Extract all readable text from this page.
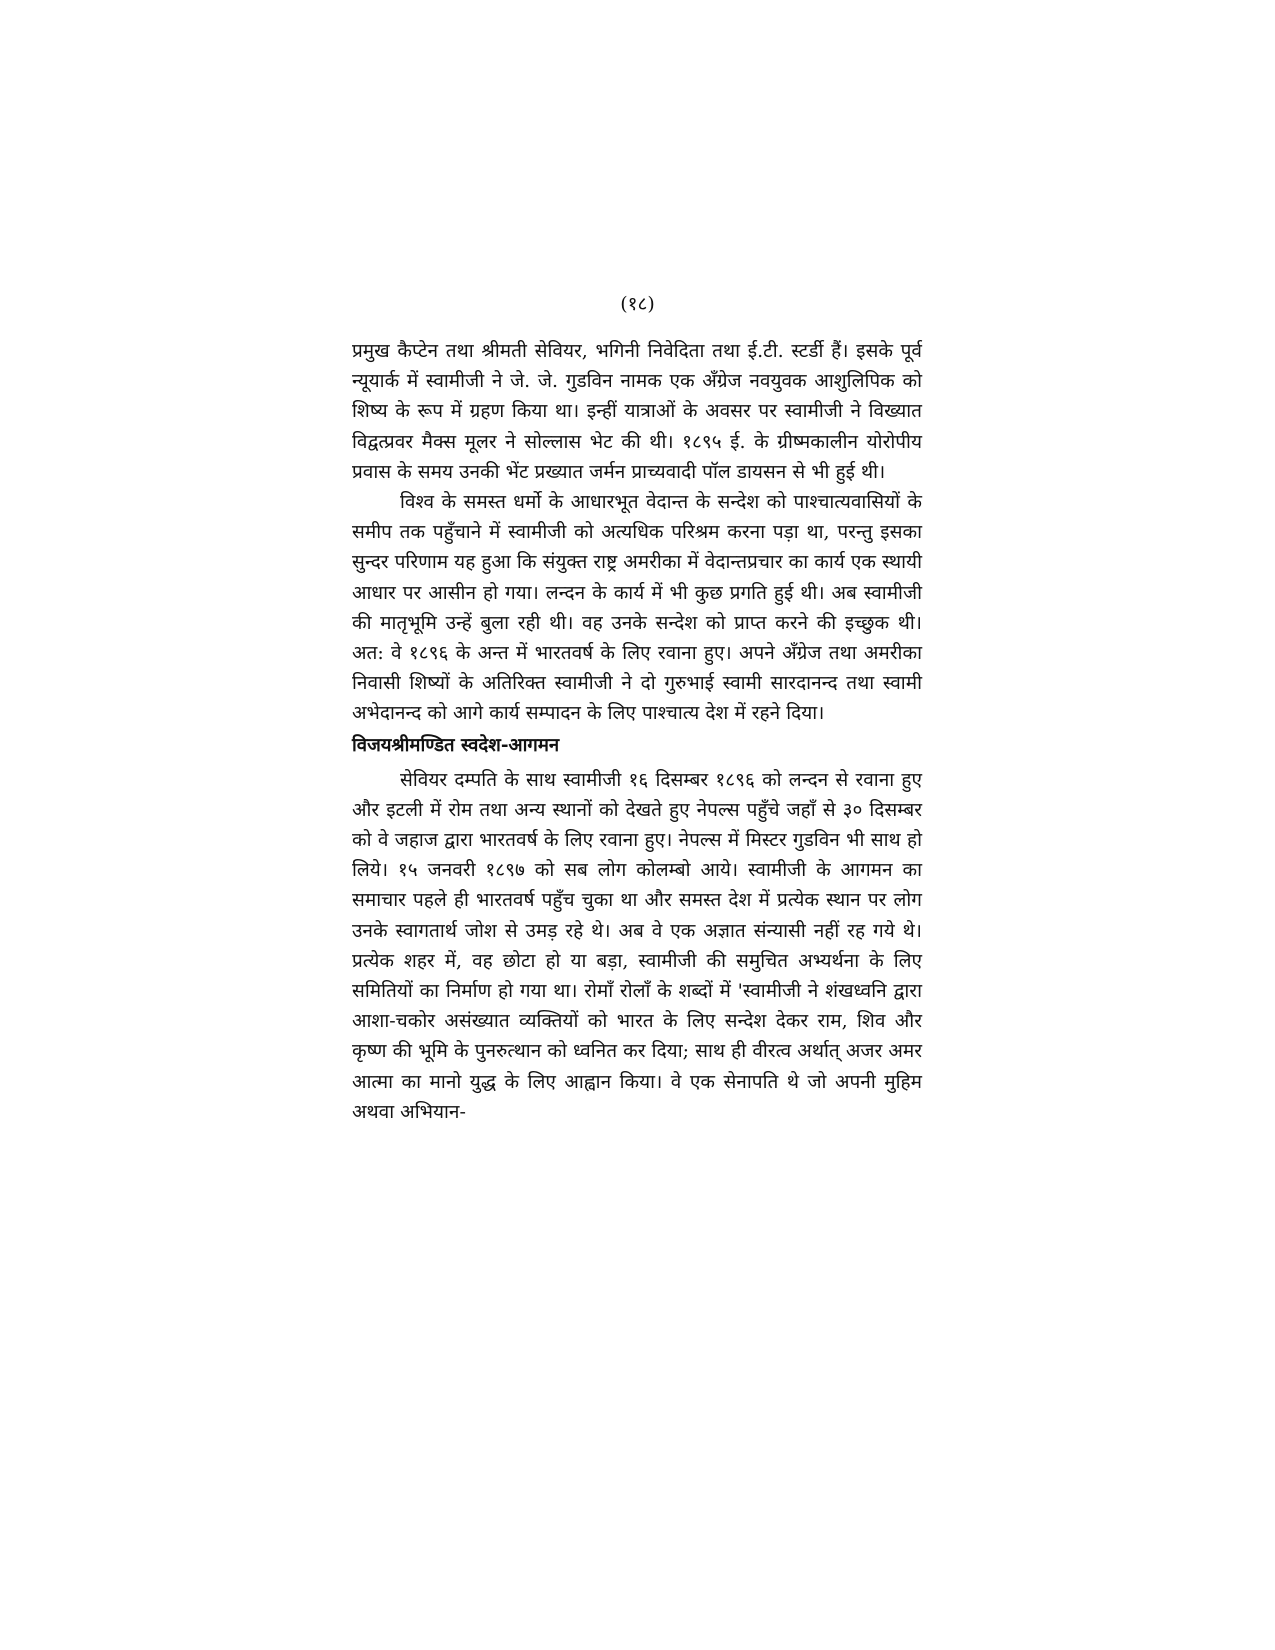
(१८)

प्रमुख कैप्टेन तथा श्रीमती सेवियर, भगिनी निवेदिता तथा ई.टी. स्टर्डी हैं। इसके पूर्व न्यूयार्क में स्वामीजी ने जे. जे. गुडविन नामक एक अँग्रेज नवयुवक आशुलिपिक को शिष्य के रूप में ग्रहण किया था। इन्हीं यात्राओं के अवसर पर स्वामीजी ने विख्यात विद्वत्प्रवर मैक्स मूलर ने सोल्लास भेट की थी। १८९५ ई. के ग्रीष्मकालीन योरोपीय प्रवास के समय उनकी भेंट प्रख्यात जर्मन प्राच्यवादी पॉल डायसन से भी हुई थी।

विश्व के समस्त धर्मो के आधारभूत वेदान्त के सन्देश को पाश्चात्यवासियों के समीप तक पहुँचाने में स्वामीजी को अत्यधिक परिश्रम करना पड़ा था, परन्तु इसका सुन्दर परिणाम यह हुआ कि संयुक्त राष्ट्र अमरीका में वेदान्तप्रचार का कार्य एक स्थायी आधार पर आसीन हो गया। लन्दन के कार्य में भी कुछ प्रगति हुई थी। अब स्वामीजी की मातृभूमि उन्हें बुला रही थी। वह उनके सन्देश को प्राप्त करने की इच्छुक थी। अत: वे १८९६ के अन्त में भारतवर्ष के लिए रवाना हुए। अपने अँग्रेज तथा अमरीका निवासी शिष्यों के अतिरिक्त स्वामीजी ने दो गुरुभाई स्वामी सारदानन्द तथा स्वामी अभेदानन्द को आगे कार्य सम्पादन के लिए पाश्चात्य देश में रहने दिया।

विजयश्रीमण्डित स्वदेश-आगमन

सेवियर दम्पति के साथ स्वामीजी १६ दिसम्बर १८९६ को लन्दन से रवाना हुए और इटली में रोम तथा अन्य स्थानों को देखते हुए नेपल्स पहुँचे जहाँ से ३० दिसम्बर को वे जहाज द्वारा भारतवर्ष के लिए रवाना हुए। नेपल्स में मिस्टर गुडविन भी साथ हो लिये। १५ जनवरी १८९७ को सब लोग कोलम्बो आये। स्वामीजी के आगमन का समाचार पहले ही भारतवर्ष पहुँच चुका था और समस्त देश में प्रत्येक स्थान पर लोग उनके स्वागतार्थ जोश से उमड़ रहे थे। अब वे एक अज्ञात संन्यासी नहीं रह गये थे। प्रत्येक शहर में, वह छोटा हो या बड़ा, स्वामीजी की समुचित अभ्यर्थना के लिए समितियों का निर्माण हो गया था। रोमाँ रोलाँ के शब्दों में 'स्वामीजी ने शंखध्वनि द्वारा आशा-चकोर असंख्यात व्यक्तियों को भारत के लिए सन्देश देकर राम, शिव और कृष्ण की भूमि के पुनरुत्थान को ध्वनित कर दिया; साथ ही वीरत्व अर्थात् अजर अमर आत्मा का मानो युद्ध के लिए आह्वान किया। वे एक सेनापति थे जो अपनी मुहिम अथवा अभियान-
